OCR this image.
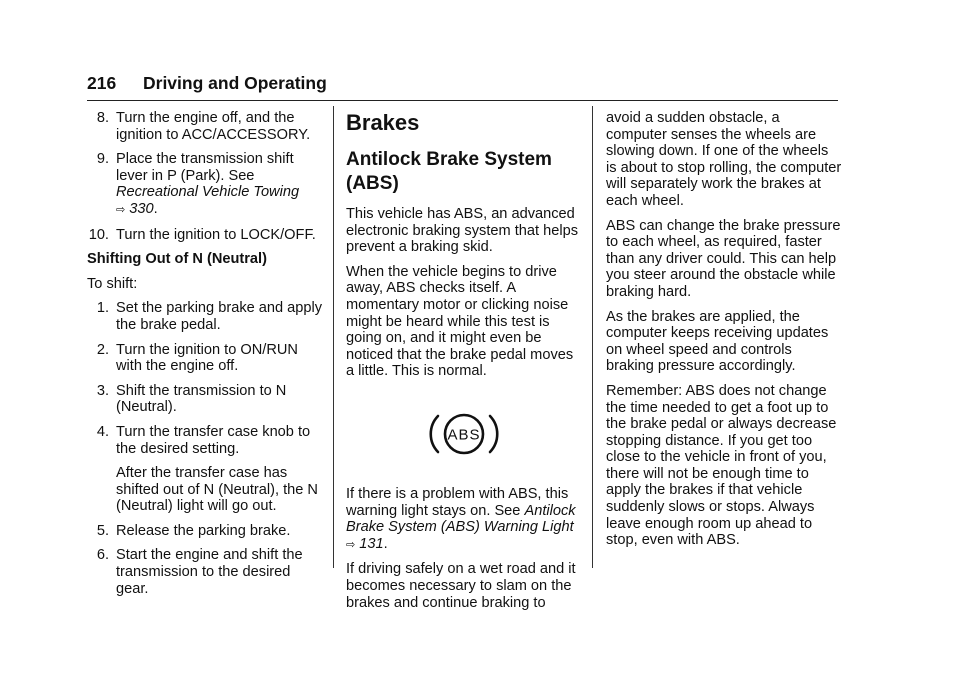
216 Driving and Operating
8. Turn the engine off, and the ignition to ACC/ACCESSORY.
9. Place the transmission shift lever in P (Park). See Recreational Vehicle Towing
⇨ 330.
10. Turn the ignition to LOCK/OFF.

Shifting Out of N (Neutral)

To shift:

1. Set the parking brake and apply the brake pedal.
2. Turn the ignition to ON/RUN with the engine off.
3. Shift the transmission to N (Neutral).
4. Turn the transfer case knob to the desired setting.

After the transfer case has shifted out of N (Neutral), the N (Neutral) light will go out.

5. Release the parking brake.
6. Start the engine and shift the transmission to the desired gear.
Brakes
Antilock Brake System (ABS)

This vehicle has ABS, an advanced electronic braking system that helps prevent a braking skid.

When the vehicle begins to drive away, ABS checks itself. A momentary motor or clicking noise might be heard while this test is going on, and it might even be noticed that the brake pedal moves a little. This is normal.

ABS

If there is a problem with ABS, this warning light stays on. See Antilock Brake System (ABS) Warning Light
⇨ 131.

If driving safely on a wet road and it becomes necessary to slam on the brakes and continue braking to

avoid a sudden obstacle, a computer senses the wheels are slowing down. If one of the wheels is about to stop rolling, the computer will separately work the brakes at each wheel.

ABS can change the brake pressure to each wheel, as required, faster than any driver could. This can help you steer around the obstacle while braking hard.

As the brakes are applied, the computer keeps receiving updates on wheel speed and controls braking pressure accordingly.

Remember: ABS does not change the time needed to get a foot up to the brake pedal or always decrease stopping distance. If you get too close to the vehicle in front of you, there will not be enough time to apply the brakes if that vehicle suddenly slows or stops. Always leave enough room up ahead to stop, even with ABS.
